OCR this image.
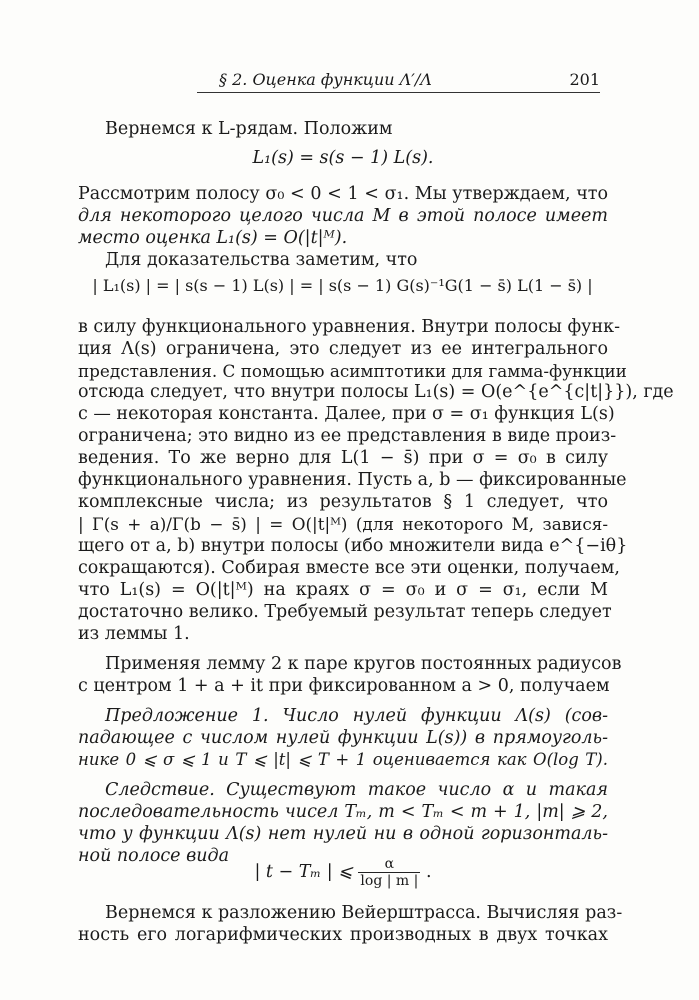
§ 2. Оценка функции Λ′/Λ	201
Вернемся к L-рядам. Положим
L₁(s) = s(s − 1) L(s).
Рассмотрим полосу σ₀ < 0 < 1 < σ₁. Мы утверждаем, что
для некоторого целого числа M в этой полосе имеет
место оценка L₁(s) = O(|t|ᴹ).
Для доказательства заметим, что
| L₁(s) | = | s(s − 1) L(s) | = | s(s − 1) G(s)⁻¹G(1 − s̄) L(1 − s̄) |
в силу функционального уравнения. Внутри полосы функ-
ция Λ(s) ограничена, это следует из ее интегрального
представления. С помощью асимптотики для гамма-функции
отсюда следует, что внутри полосы L₁(s) = O(e^{e^{c|t|}}), где
c — некоторая константа. Далее, при σ = σ₁ функция L(s)
ограничена; это видно из ее представления в виде произ-
ведения. То же верно для L(1 − s̄) при σ = σ₀ в силу
функционального уравнения. Пусть a, b — фиксированные
комплексные числа; из результатов § 1 следует, что
| Γ(s + a)/Γ(b − s̄) | = O(|t|ᴹ) (для некоторого M, завися-
щего от a, b) внутри полосы (ибо множители вида e^{−iθ}
сокращаются). Собирая вместе все эти оценки, получаем,
что L₁(s) = O(|t|ᴹ) на краях σ = σ₀ и σ = σ₁, если M
достаточно велико. Требуемый результат теперь следует
из леммы 1.
Применяя лемму 2 к паре кругов постоянных радиусов
с центром 1 + a + it при фиксированном a > 0, получаем
Предложение 1. Число нулей функции Λ(s) (сов-
падающее с числом нулей функции L(s)) в прямоуголь-
нике 0 ⩽ σ ⩽ 1 и T ⩽ |t| ⩽ T + 1 оценивается как O(log T).
Следствие. Существуют такое число α и такая
последовательность чисел Tₘ, m < Tₘ < m + 1, |m| ⩾ 2,
что у функции Λ(s) нет нулей ни в одной горизонталь-
ной полосе вида
| t − Tₘ | ⩽ $\frac{\alpha}{\log | m |}$ .
Вернемся к разложению Вейерштрасса. Вычисляя раз-
ность его логарифмических производных в двух точках
